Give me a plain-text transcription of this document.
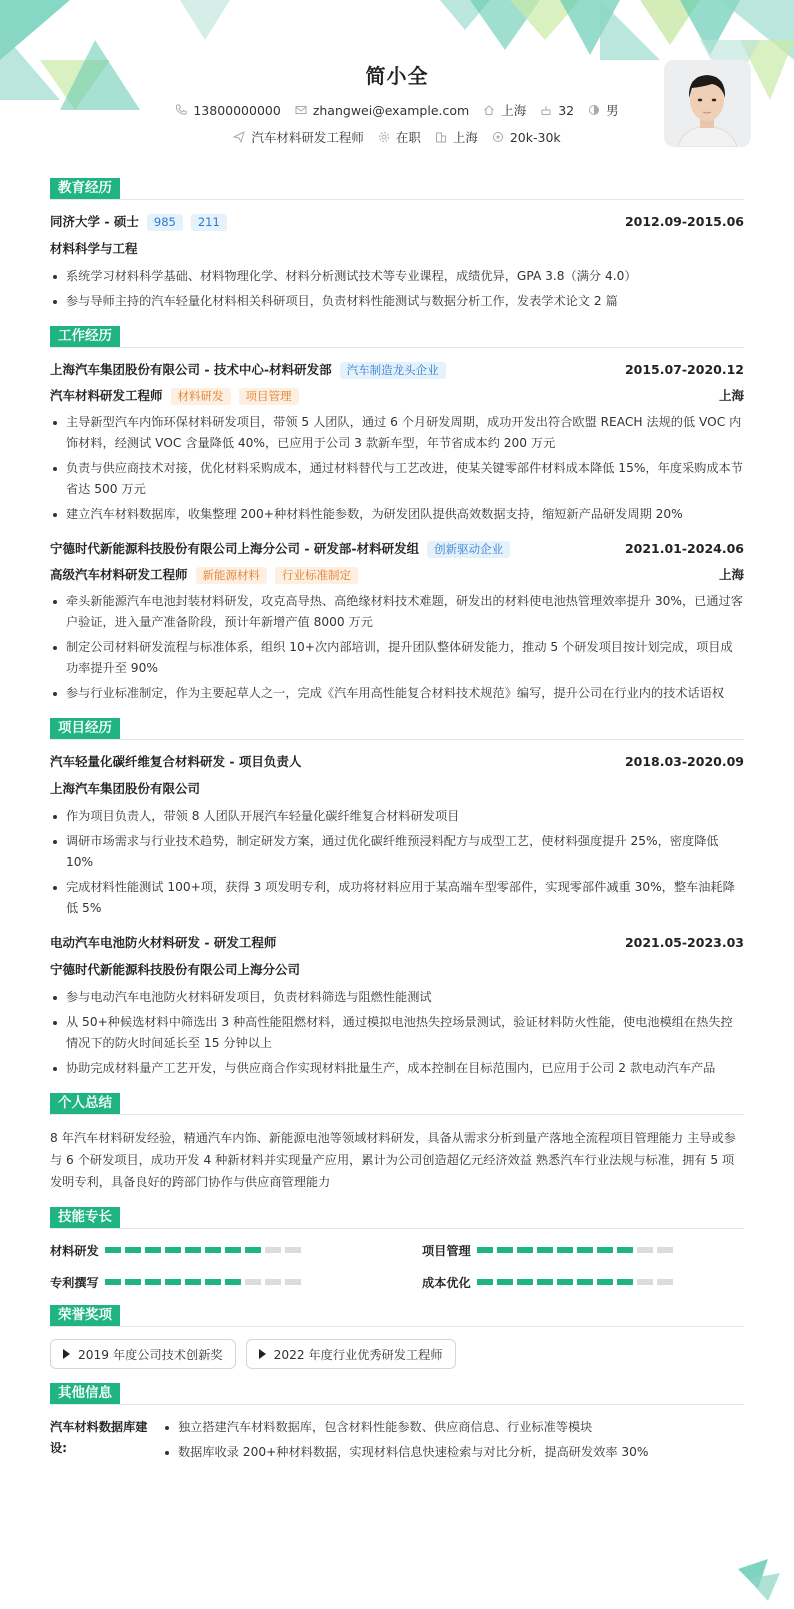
简小全
13800000000	zhangwei@example.com	上海	32	男
汽车材料研发工程师	在职	上海	20k-30k
教育经历
同济大学 - 硕士 985 211	2012.09-2015.06
材料科学与工程
系统学习材料科学基础、材料物理化学、材料分析测试技术等专业课程，成绩优异，GPA 3.8（满分 4.0）
参与导师主持的汽车轻量化材料相关科研项目，负责材料性能测试与数据分析工作，发表学术论文 2 篇
工作经历
上海汽车集团股份有限公司 - 技术中心-材料研发部 汽车制造龙头企业	2015.07-2020.12
汽车材料研发工程师 材料研发 项目管理	上海
主导新型汽车内饰环保材料研发项目，带领 5 人团队，通过 6 个月研发周期，成功开发出符合欧盟 REACH 法规的低 VOC 内饰材料，经测试 VOC 含量降低 40%，已应用于公司 3 款新车型，年节省成本约 200 万元
负责与供应商技术对接，优化材料采购成本，通过材料替代与工艺改进，使某关键零部件材料成本降低 15%，年度采购成本节省达 500 万元
建立汽车材料数据库，收集整理 200+种材料性能参数，为研发团队提供高效数据支持，缩短新产品研发周期 20%
宁德时代新能源科技股份有限公司上海分公司 - 研发部-材料研发组 创新驱动企业	2021.01-2024.06
高级汽车材料研发工程师 新能源材料 行业标准制定	上海
牵头新能源汽车电池封装材料研发，攻克高导热、高绝缘材料技术难题，研发出的材料使电池热管理效率提升 30%，已通过客户验证，进入量产准备阶段，预计年新增产值 8000 万元
制定公司材料研发流程与标准体系，组织 10+次内部培训，提升团队整体研发能力，推动 5 个研发项目按计划完成，项目成功率提升至 90%
参与行业标准制定，作为主要起草人之一，完成《汽车用高性能复合材料技术规范》编写，提升公司在行业内的技术话语权
项目经历
汽车轻量化碳纤维复合材料研发 - 项目负责人	2018.03-2020.09
上海汽车集团股份有限公司
作为项目负责人，带领 8 人团队开展汽车轻量化碳纤维复合材料研发项目
调研市场需求与行业技术趋势，制定研发方案，通过优化碳纤维预浸料配方与成型工艺，使材料强度提升 25%，密度降低 10%
完成材料性能测试 100+项，获得 3 项发明专利，成功将材料应用于某高端车型零部件，实现零部件减重 30%，整车油耗降低 5%
电动汽车电池防火材料研发 - 研发工程师	2021.05-2023.03
宁德时代新能源科技股份有限公司上海分公司
参与电动汽车电池防火材料研发项目，负责材料筛选与阻燃性能测试
从 50+种候选材料中筛选出 3 种高性能阻燃材料，通过模拟电池热失控场景测试，验证材料防火性能，使电池模组在热失控情况下的防火时间延长至 15 分钟以上
协助完成材料量产工艺开发，与供应商合作实现材料批量生产，成本控制在目标范围内，已应用于公司 2 款电动汽车产品
个人总结
8 年汽车材料研发经验，精通汽车内饰、新能源电池等领域材料研发，具备从需求分析到量产落地全流程项目管理能力 主导或参与 6 个研发项目，成功开发 4 种新材料并实现量产应用，累计为公司创造超亿元经济效益 熟悉汽车行业法规与标准，拥有 5 项发明专利，具备良好的跨部门协作与供应商管理能力
技能专长
材料研发	项目管理
专利撰写	成本优化
荣誉奖项
2019 年度公司技术创新奖	2022 年度行业优秀研发工程师
其他信息
汽车材料数据库建设:
独立搭建汽车材料数据库，包含材料性能参数、供应商信息、行业标准等模块
数据库收录 200+种材料数据，实现材料信息快速检索与对比分析，提高研发效率 30%
